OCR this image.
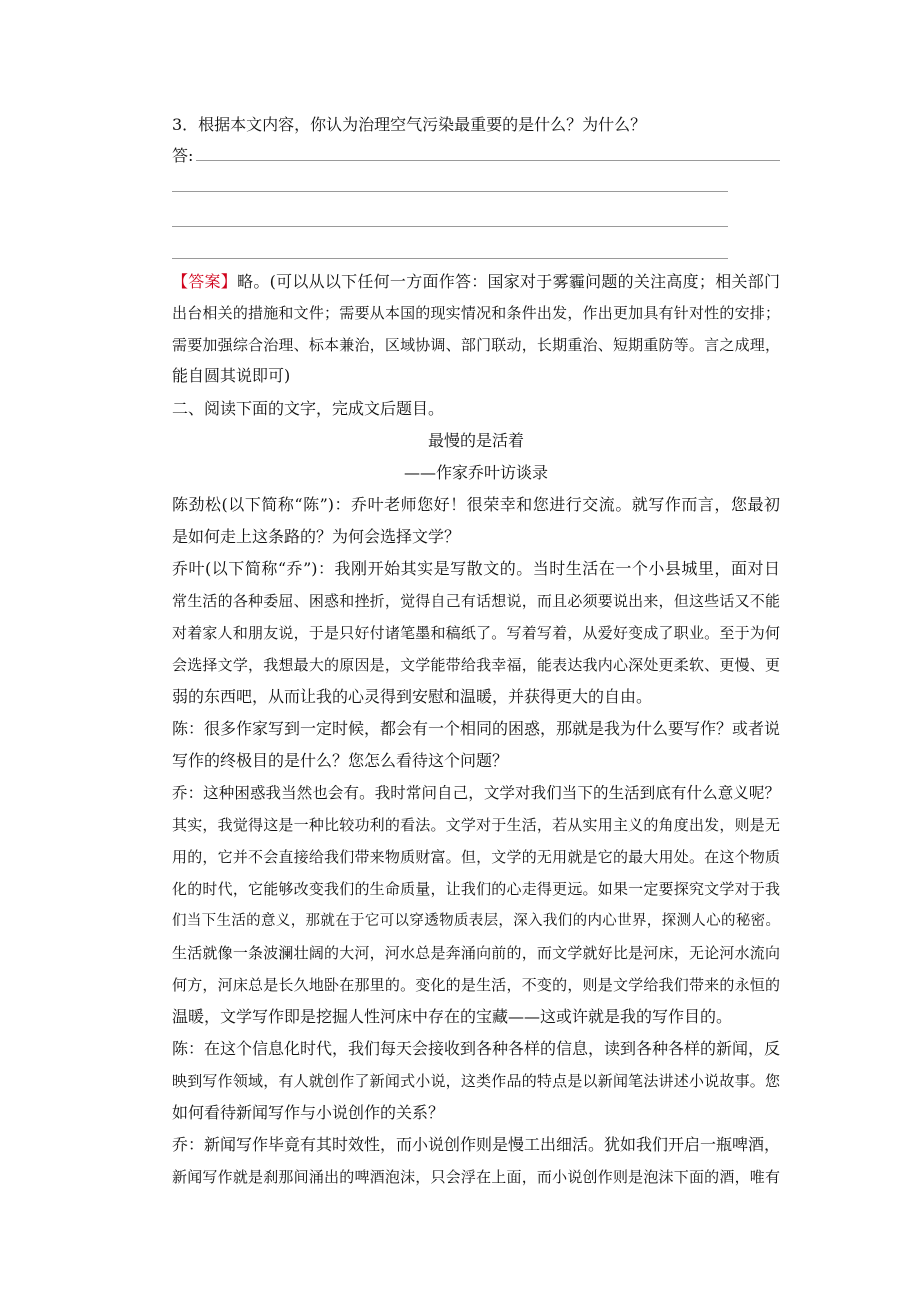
3．根据本文内容，你认为治理空气污染最重要的是什么？为什么？
答:
【答案】略。(可以从以下任何一方面作答：国家对于雾霾问题的关注高度；相关部门
出台相关的措施和文件；需要从本国的现实情况和条件出发，作出更加具有针对性的安排；
需要加强综合治理、标本兼治，区域协调、部门联动，长期重治、短期重防等。言之成理，
能自圆其说即可)
二、阅读下面的文字，完成文后题目。
最慢的是活着
——作家乔叶访谈录
陈劲松(以下简称“陈”)：乔叶老师您好！很荣幸和您进行交流。就写作而言，您最初
是如何走上这条路的？为何会选择文学？
乔叶(以下简称“乔”)：我刚开始其实是写散文的。当时生活在一个小县城里，面对日
常生活的各种委屈、困惑和挫折，觉得自己有话想说，而且必须要说出来，但这些话又不能
对着家人和朋友说，于是只好付诸笔墨和稿纸了。写着写着，从爱好变成了职业。至于为何
会选择文学，我想最大的原因是，文学能带给我幸福，能表达我内心深处更柔软、更慢、更
弱的东西吧，从而让我的心灵得到安慰和温暖，并获得更大的自由。
陈：很多作家写到一定时候，都会有一个相同的困惑，那就是我为什么要写作？或者说
写作的终极目的是什么？您怎么看待这个问题？
乔：这种困惑我当然也会有。我时常问自己，文学对我们当下的生活到底有什么意义呢？
其实，我觉得这是一种比较功利的看法。文学对于生活，若从实用主义的角度出发，则是无
用的，它并不会直接给我们带来物质财富。但，文学的无用就是它的最大用处。在这个物质
化的时代，它能够改变我们的生命质量，让我们的心走得更远。如果一定要探究文学对于我
们当下生活的意义，那就在于它可以穿透物质表层，深入我们的内心世界，探测人心的秘密。
生活就像一条波澜壮阔的大河，河水总是奔涌向前的，而文学就好比是河床，无论河水流向
何方，河床总是长久地卧在那里的。变化的是生活，不变的，则是文学给我们带来的永恒的
温暖，文学写作即是挖掘人性河床中存在的宝藏——这或许就是我的写作目的。
陈：在这个信息化时代，我们每天会接收到各种各样的信息，读到各种各样的新闻，反
映到写作领域，有人就创作了新闻式小说，这类作品的特点是以新闻笔法讲述小说故事。您
如何看待新闻写作与小说创作的关系？
乔：新闻写作毕竟有其时效性，而小说创作则是慢工出细活。犹如我们开启一瓶啤酒，
新闻写作就是刹那间涌出的啤酒泡沫，只会浮在上面，而小说创作则是泡沫下面的酒，唯有
